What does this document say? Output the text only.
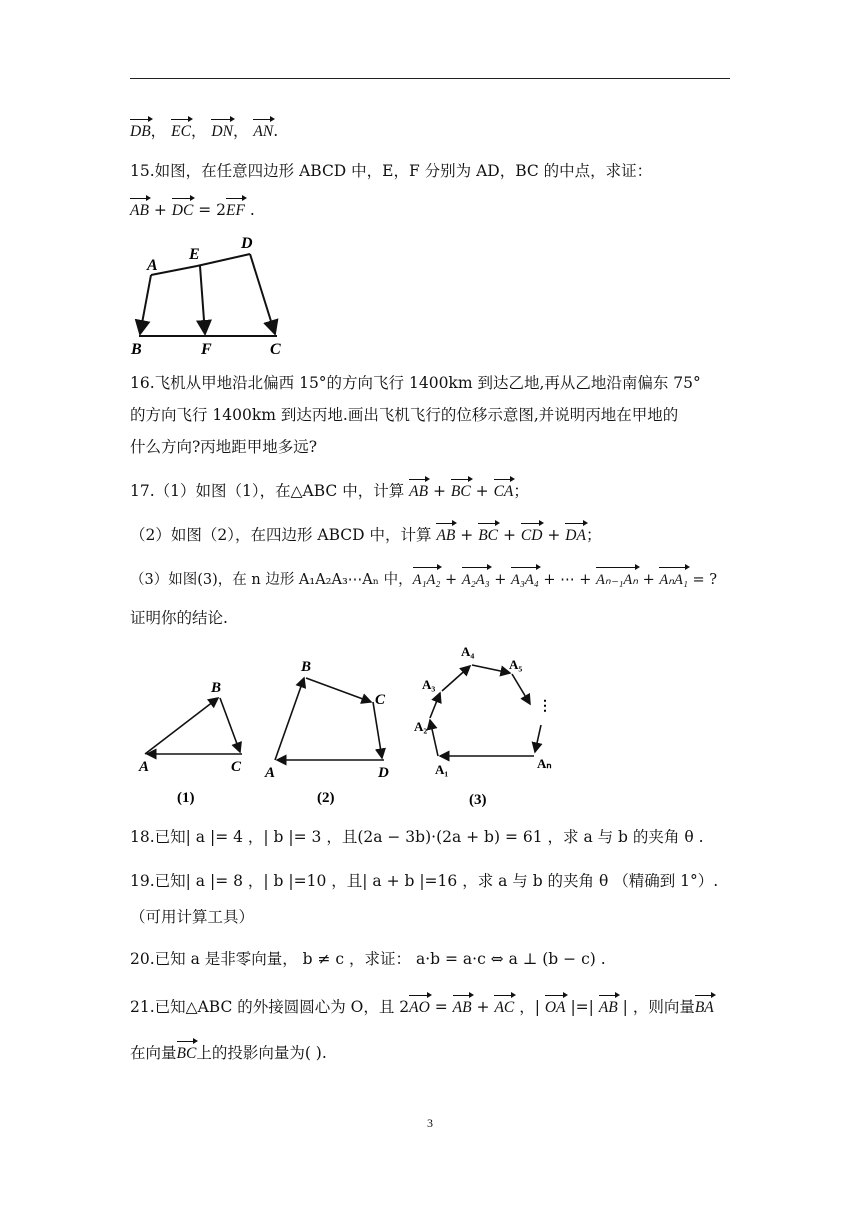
DB， EC， DN， AN.
15.如图，在任意四边形 ABCD 中，E，F 分别为 AD，BC 的中点，求证：
AB + DC = 2EF .
A
E
D
B	F	C
16.飞机从甲地沿北偏西 15°的方向飞行 1400km 到达乙地,再从乙地沿南偏东 75°
的方向飞行 1400km 到达丙地.画出飞机飞行的位移示意图,并说明丙地在甲地的
什么方向?丙地距甲地多远?
17.（1）如图（1），在△ABC 中，计算 AB + BC + CA；
（2）如图（2），在四边形 ABCD 中，计算 AB + BC + CD + DA；
（3）如图(3)，在 n 边形 A₁A₂A₃⋯Aₙ 中，A₁A₂ + A₂A₃ + A₃A₄ + ⋯ + Aₙ₋₁Aₙ + AₙA₁ = ?
证明你的结论.
A
B
C
(1)
A
B
C
D
(2)
⋮
A₁
A₂
A₃
A₄
A₅
Aₙ
(3)
18.已知| a |= 4 ，| b |= 3 ，且(2a − 3b)·(2a + b) = 61 ，求 a 与 b 的夹角 θ .
19.已知| a |= 8 ，| b |=10 ，且| a + b |=16 ，求 a 与 b 的夹角 θ （精确到 1°）.
（可用计算工具）
20.已知 a 是非零向量， b ≠ c ，求证： a·b = a·c ⇔ a ⊥ (b − c) .
21.已知△ABC 的外接圆圆心为 O，且 2AO = AB + AC ，| OA |=| AB | ，则向量BA
在向量BC上的投影向量为( ).
3
